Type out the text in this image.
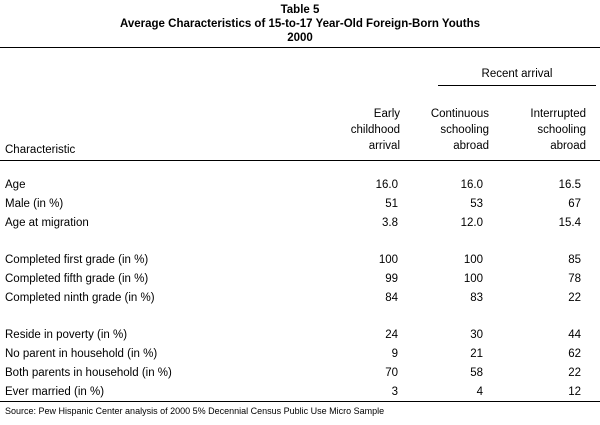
Table 5
Average Characteristics of 15-to-17 Year-Old Foreign-Born Youths
2000
Recent arrival
Early
childhood
arrival
Continuous
schooling
abroad
Interrupted
schooling
abroad
Characteristic
Age	16.0	16.0	16.5
Male (in %)	51	53	67
Age at migration	3.8	12.0	15.4
Completed first grade (in %)	100	100	85
Completed fifth grade (in %)	99	100	78
Completed ninth grade (in %)	84	83	22
Reside in poverty (in %)	24	30	44
No parent in household (in %)	9	21	62
Both parents in household (in %)	70	58	22
Ever married (in %)	3	4	12
Source: Pew Hispanic Center analysis of 2000 5% Decennial Census Public Use Micro Sample
